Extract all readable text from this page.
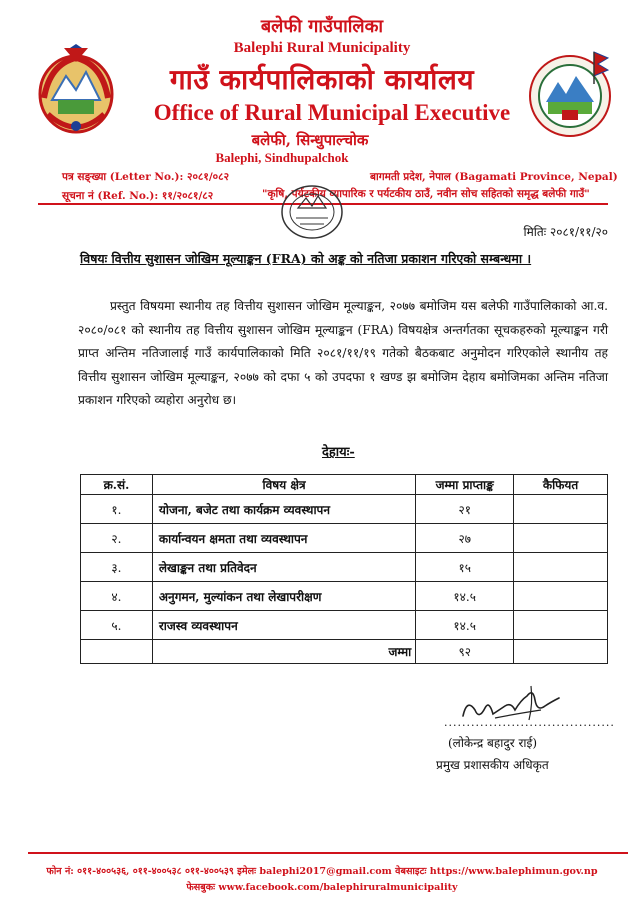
बलेफी गाउँपालिका
Balephi Rural Municipality
गाउँ कार्यपालिकाको कार्यालय
Office of Rural Municipal Executive
बलेफी, सिन्धुपाल्चोक
Balephi, Sindhupalchok
पत्र सङ्ख्या (Letter No.): २०८१/०८२
सूचना नं (Ref. No.): ११/२०८१/८२
बागमती प्रदेश, नेपाल (Bagamati Province, Nepal)
"कृषि, पर्यटकीय व्यापारिक र पर्यटकीय ठाउँ, नवीन सोच सहितको समृद्ध बलेफी गाउँ"
मितिः २०८१/११/२०
विषयः वित्तीय सुशासन जोखिम मूल्याङ्कन (FRA) को अङ्क को नतिजा प्रकाशन गरिएको सम्बन्धमा ।
प्रस्तुत विषयमा स्थानीय तह वित्तीय सुशासन जोखिम मूल्याङ्कन, २०७७ बमोजिम यस बलेफी गाउँपालिकाको आ.व. २०८०/०८१ को स्थानीय तह वित्तीय सुशासन जोखिम मूल्याङ्कन (FRA) विषयक्षेत्र अन्तर्गतका सूचकहरुको मूल्याङ्कन गरी प्राप्त अन्तिम नतिजालाई गाउँ कार्यपालिकाको मिति २०८१/११/१९ गतेको बैठकबाट अनुमोदन गरिएकोले स्थानीय तह वित्तीय सुशासन जोखिम मूल्याङ्कन, २०७७ को दफा ५ को उपदफा १ खण्ड झ बमोजिम देहाय बमोजिमका अन्तिम नतिजा प्रकाशन गरिएको व्यहोरा अनुरोध छ।
देहायः-
क्र.सं.	विषय क्षेत्र	जम्मा प्राप्ताङ्क	कैफियत
१.	योजना, बजेट तथा कार्यक्रम व्यवस्थापन	२१	
२.	कार्यान्वयन क्षमता तथा व्यवस्थापन	२७	
३.	लेखाङ्कन तथा प्रतिवेदन	१५	
४.	अनुगमन, मुल्यांकन तथा लेखापरीक्षण	१४.५	
५.	राजस्व व्यवस्थापन	१४.५	
	जम्मा	९२	
......................................
(लोकेन्द्र बहादुर राई)
प्रमुख प्रशासकीय अधिकृत
फोन नं: ०११-४००५३६, ०११-४००५३८ ०११-४००५३९ इमेलः balephi2017@gmail.com वेबसाइटः https://www.balephimun.gov.np
फेसबुकः www.facebook.com/balephiruralmunicipality
